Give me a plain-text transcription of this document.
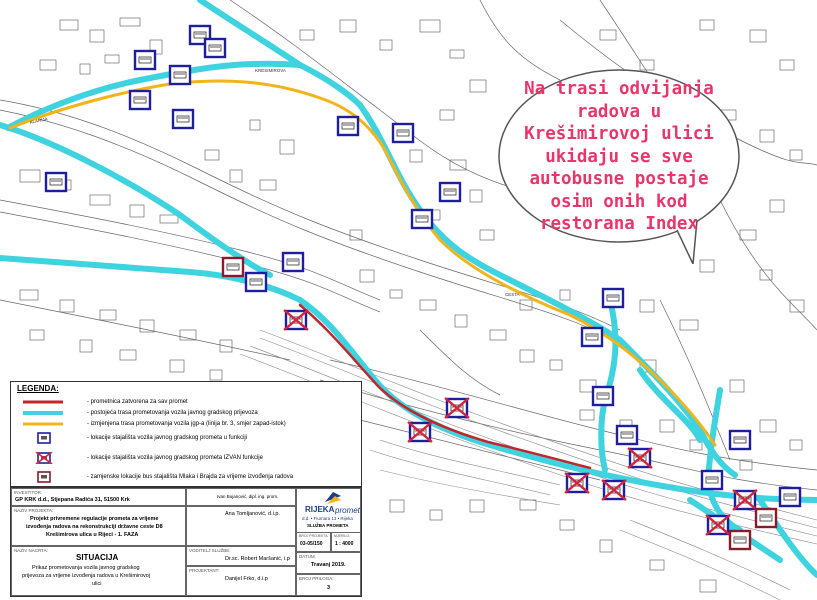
ALARIJA
KRESIMIROVA
CESTA
Na trasi odvijanja
radova u
Krešimirovoj ulici
ukidaju se sve
autobusne postaje
osim onih kod
restorana Index
LEGENDA:
- prometnica zatvorena za sav promet
- postojeća trasa prometovanja vozila javnog gradskog prijevoza
- izmjenjena trasa prometovanja vozila jgp-a (linija br. 3, smjer zapad-istok)
- lokacije stajališta vozila javnog gradskog prometa u funkciji
- lokacije stajališta vozila javnog gradskog prometa IZVAN funkcije
- zamjenske lokacije bus stajališta Mlaka i Brajda za vrijeme izvođenja radova
INVESTITOR:
GP KRK d.d., Stjepana Radića 31, 51500 Krk
NAZIV PROJEKTA:
Projekt privremene regulacije prometa za vrijeme
izvođenja radova na rekonstrukciji državne ceste D8
Krešimirova ulica u Rijeci - 1. FAZA
NAZIV NACRTA:
SITUACIJA
Prikaz prometovanja vozila javnog gradskog
prijevoza za vrijeme izvođenja radova u Krešimirovoj
ulici
Ivan Bujanović, dipl. ing. prom.
Ana Tomljanović, d.i.p.
VODITELJ SLUŽBE:
Dr.sc. Robert Maršanić, i.p
PROJEKTANT:
Danijel Frko, d.i.p
RIJEKA promet
d.d. • Fiumara 13 • Rijeka
SLUŽBA PROMETA
BROJ PROJEKTA:
03-05/150
MJERILO:
1 : 4000
DATUM:
Travanj 2019.
BROJ PRILOGA:
3
